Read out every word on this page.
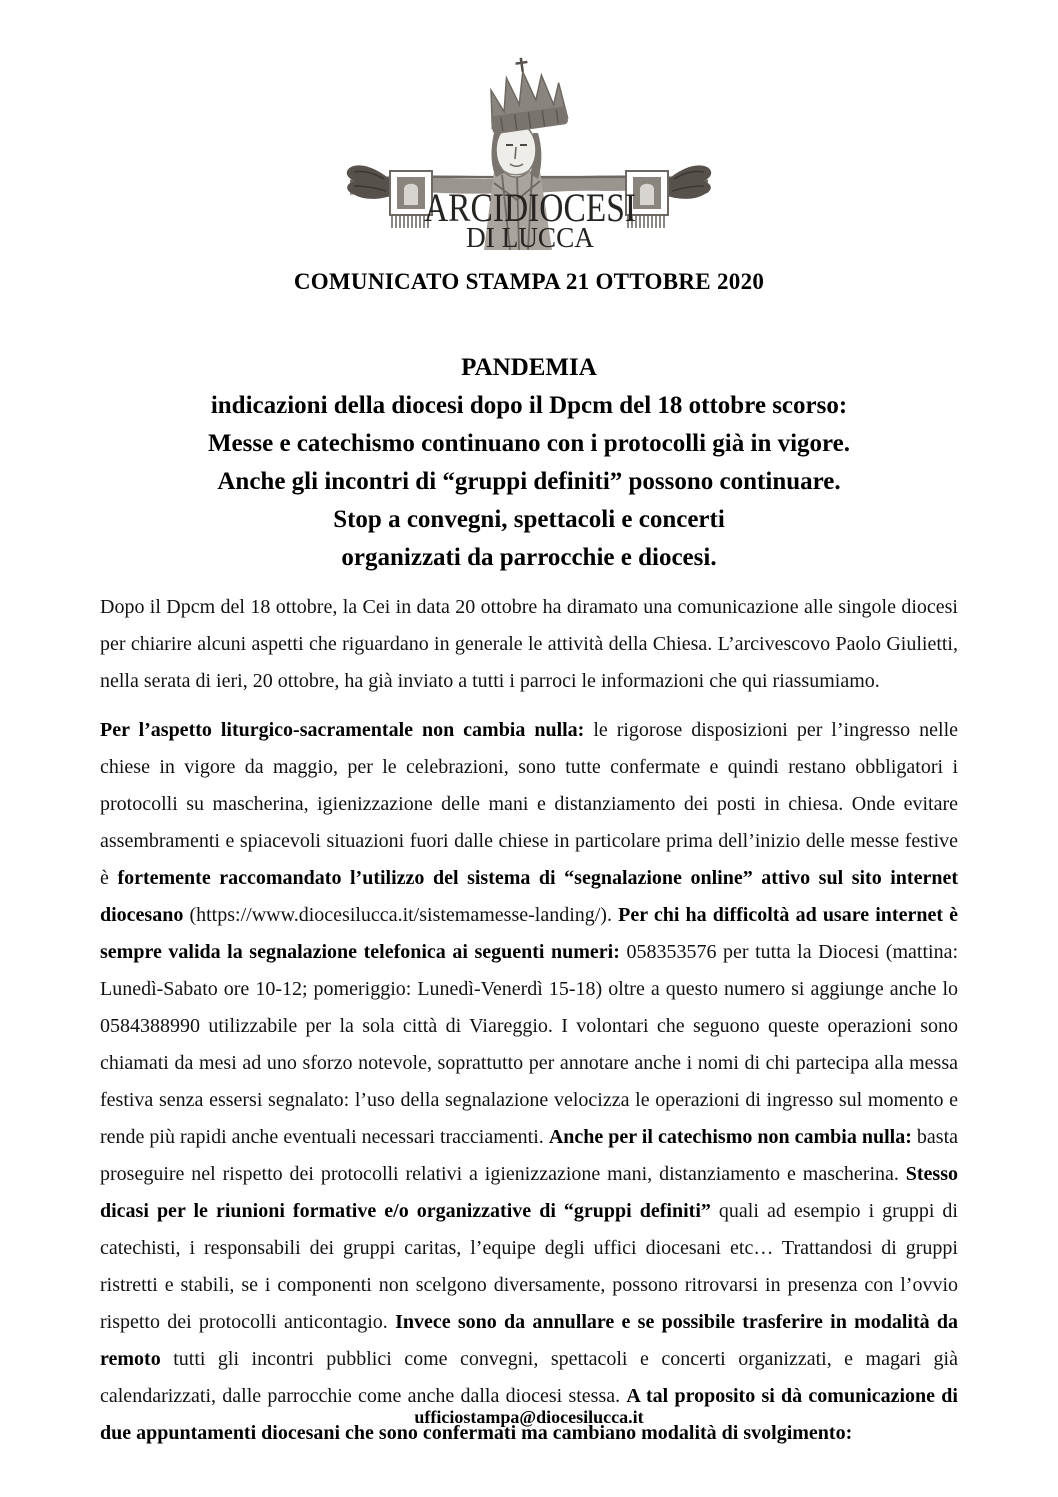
ARCIDIOCESI
DI LUCCA
COMUNICATO STAMPA 21 OTTOBRE 2020
PANDEMIA
indicazioni della diocesi dopo il Dpcm del 18 ottobre scorso:
Messe e catechismo continuano con i protocolli già in vigore.
Anche gli incontri di “gruppi definiti” possono continuare.
Stop a convegni, spettacoli e concerti
organizzati da parrocchie e diocesi.

Dopo il Dpcm del 18 ottobre, la Cei in data 20 ottobre ha diramato una comunicazione alle singole diocesi per chiarire alcuni aspetti che riguardano in generale le attività della Chiesa. L’arcivescovo Paolo Giulietti, nella serata di ieri, 20 ottobre, ha già inviato a tutti i parroci le informazioni che qui riassumiamo.

Per l’aspetto liturgico-sacramentale non cambia nulla: le rigorose disposizioni per l’ingresso nelle chiese in vigore da maggio, per le celebrazioni, sono tutte confermate e quindi restano obbligatori i protocolli su mascherina, igienizzazione delle mani e distanziamento dei posti in chiesa. Onde evitare assembramenti e spiacevoli situazioni fuori dalle chiese in particolare prima dell’inizio delle messe festive è fortemente raccomandato l’utilizzo del sistema di “segnalazione online” attivo sul sito internet diocesano (https://www.diocesilucca.it/sistemamesse-landing/). Per chi ha difficoltà ad usare internet è sempre valida la segnalazione telefonica ai seguenti numeri: 058353576 per tutta la Diocesi (mattina: Lunedì-Sabato ore 10-12; pomeriggio: Lunedì-Venerdì 15-18) oltre a questo numero si aggiunge anche lo 0584388990 utilizzabile per la sola città di Viareggio. I volontari che seguono queste operazioni sono chiamati da mesi ad uno sforzo notevole, soprattutto per annotare anche i nomi di chi partecipa alla messa festiva senza essersi segnalato: l’uso della segnalazione velocizza le operazioni di ingresso sul momento e rende più rapidi anche eventuali necessari tracciamenti. Anche per il catechismo non cambia nulla: basta proseguire nel rispetto dei protocolli relativi a igienizzazione mani, distanziamento e mascherina. Stesso dicasi per le riunioni formative e/o organizzative di “gruppi definiti” quali ad esempio i gruppi di catechisti, i responsabili dei gruppi caritas, l’equipe degli uffici diocesani etc… Trattandosi di gruppi ristretti e stabili, se i componenti non scelgono diversamente, possono ritrovarsi in presenza con l’ovvio rispetto dei protocolli anticontagio. Invece sono da annullare e se possibile trasferire in modalità da remoto tutti gli incontri pubblici come convegni, spettacoli e concerti organizzati, e magari già calendarizzati, dalle parrocchie come anche dalla diocesi stessa. A tal proposito si dà comunicazione di due appuntamenti diocesani che sono confermati ma cambiano modalità di svolgimento:

ufficiostampa@diocesilucca.it
